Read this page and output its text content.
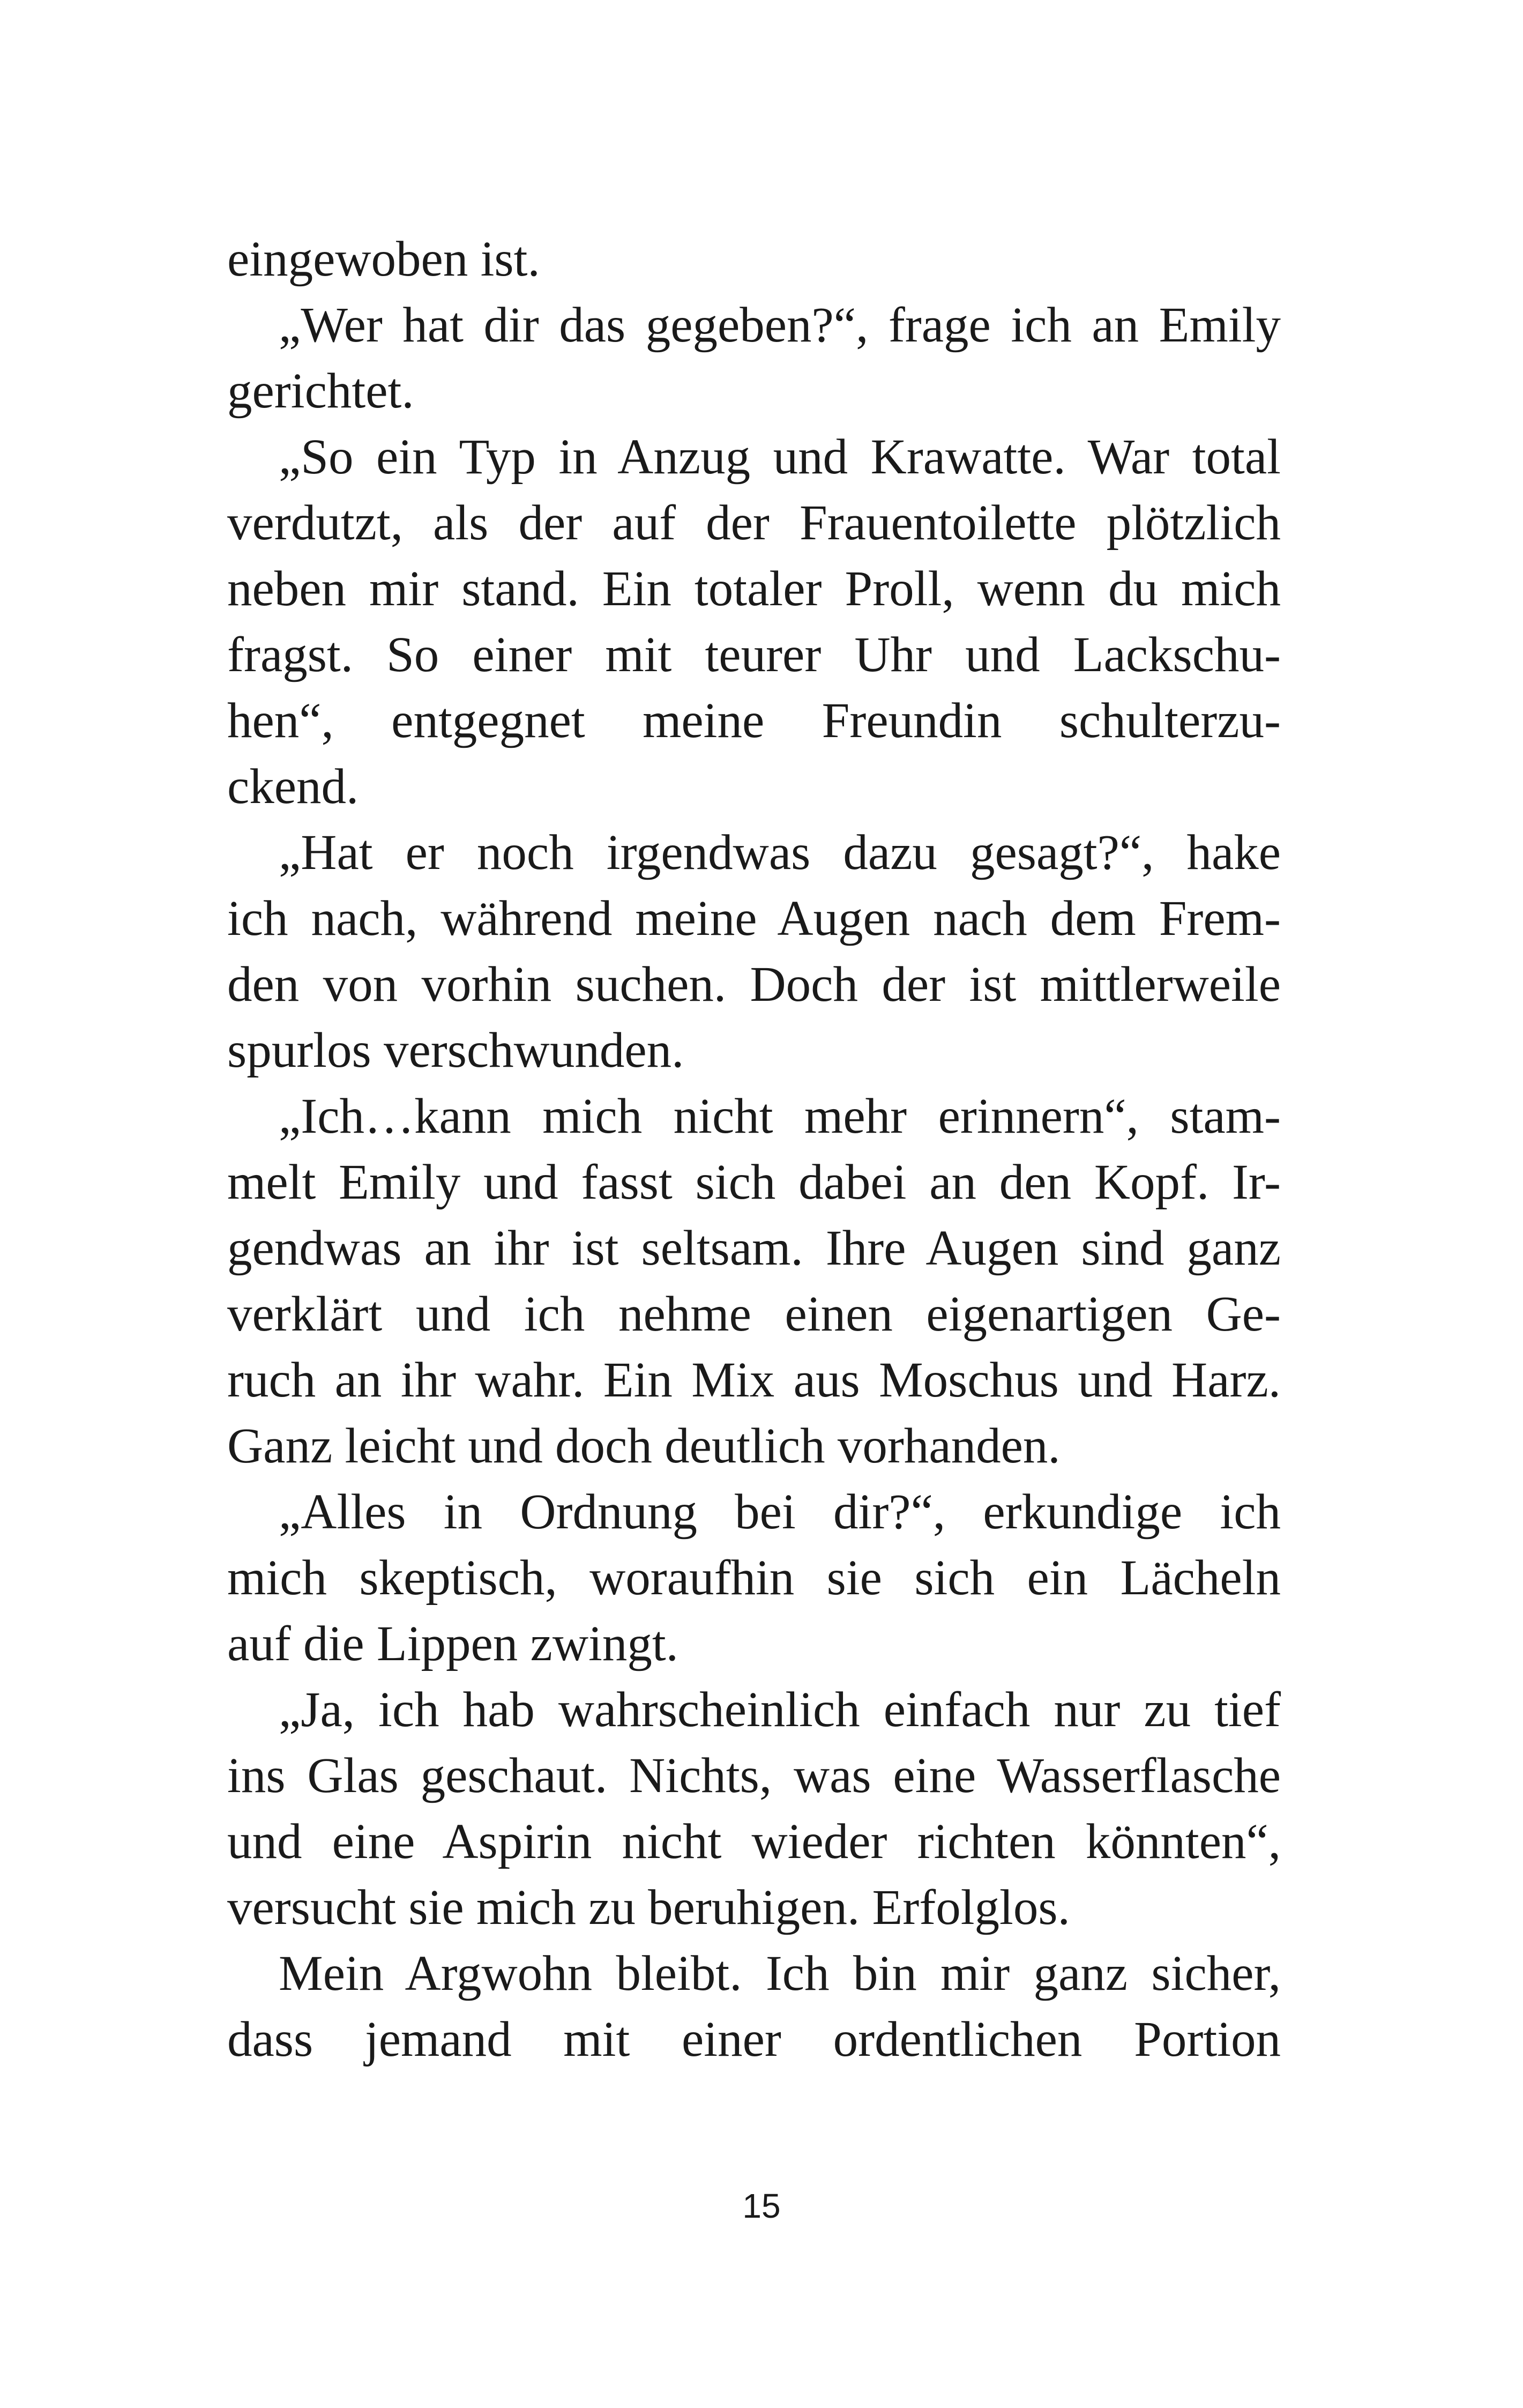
eingewoben ist.
„Wer hat dir das gegeben?“, frage ich an Emily
gerichtet.
„So ein Typ in Anzug und Krawatte. War total
verdutzt, als der auf der Frauentoilette plötzlich
neben mir stand. Ein totaler Proll, wenn du mich
fragst. So einer mit teurer Uhr und Lackschu-
hen“, entgegnet meine Freundin schulterzu-
ckend.
„Hat er noch irgendwas dazu gesagt?“, hake
ich nach, während meine Augen nach dem Frem-
den von vorhin suchen. Doch der ist mittlerweile
spurlos verschwunden.
„Ich…kann mich nicht mehr erinnern“, stam-
melt Emily und fasst sich dabei an den Kopf. Ir-
gendwas an ihr ist seltsam. Ihre Augen sind ganz
verklärt und ich nehme einen eigenartigen Ge-
ruch an ihr wahr. Ein Mix aus Moschus und Harz.
Ganz leicht und doch deutlich vorhanden.
„Alles in Ordnung bei dir?“, erkundige ich
mich skeptisch, woraufhin sie sich ein Lächeln
auf die Lippen zwingt.
„Ja, ich hab wahrscheinlich einfach nur zu tief
ins Glas geschaut. Nichts, was eine Wasserflasche
und eine Aspirin nicht wieder richten könnten“,
versucht sie mich zu beruhigen. Erfolglos.
Mein Argwohn bleibt. Ich bin mir ganz sicher,
dass jemand mit einer ordentlichen Portion
15
